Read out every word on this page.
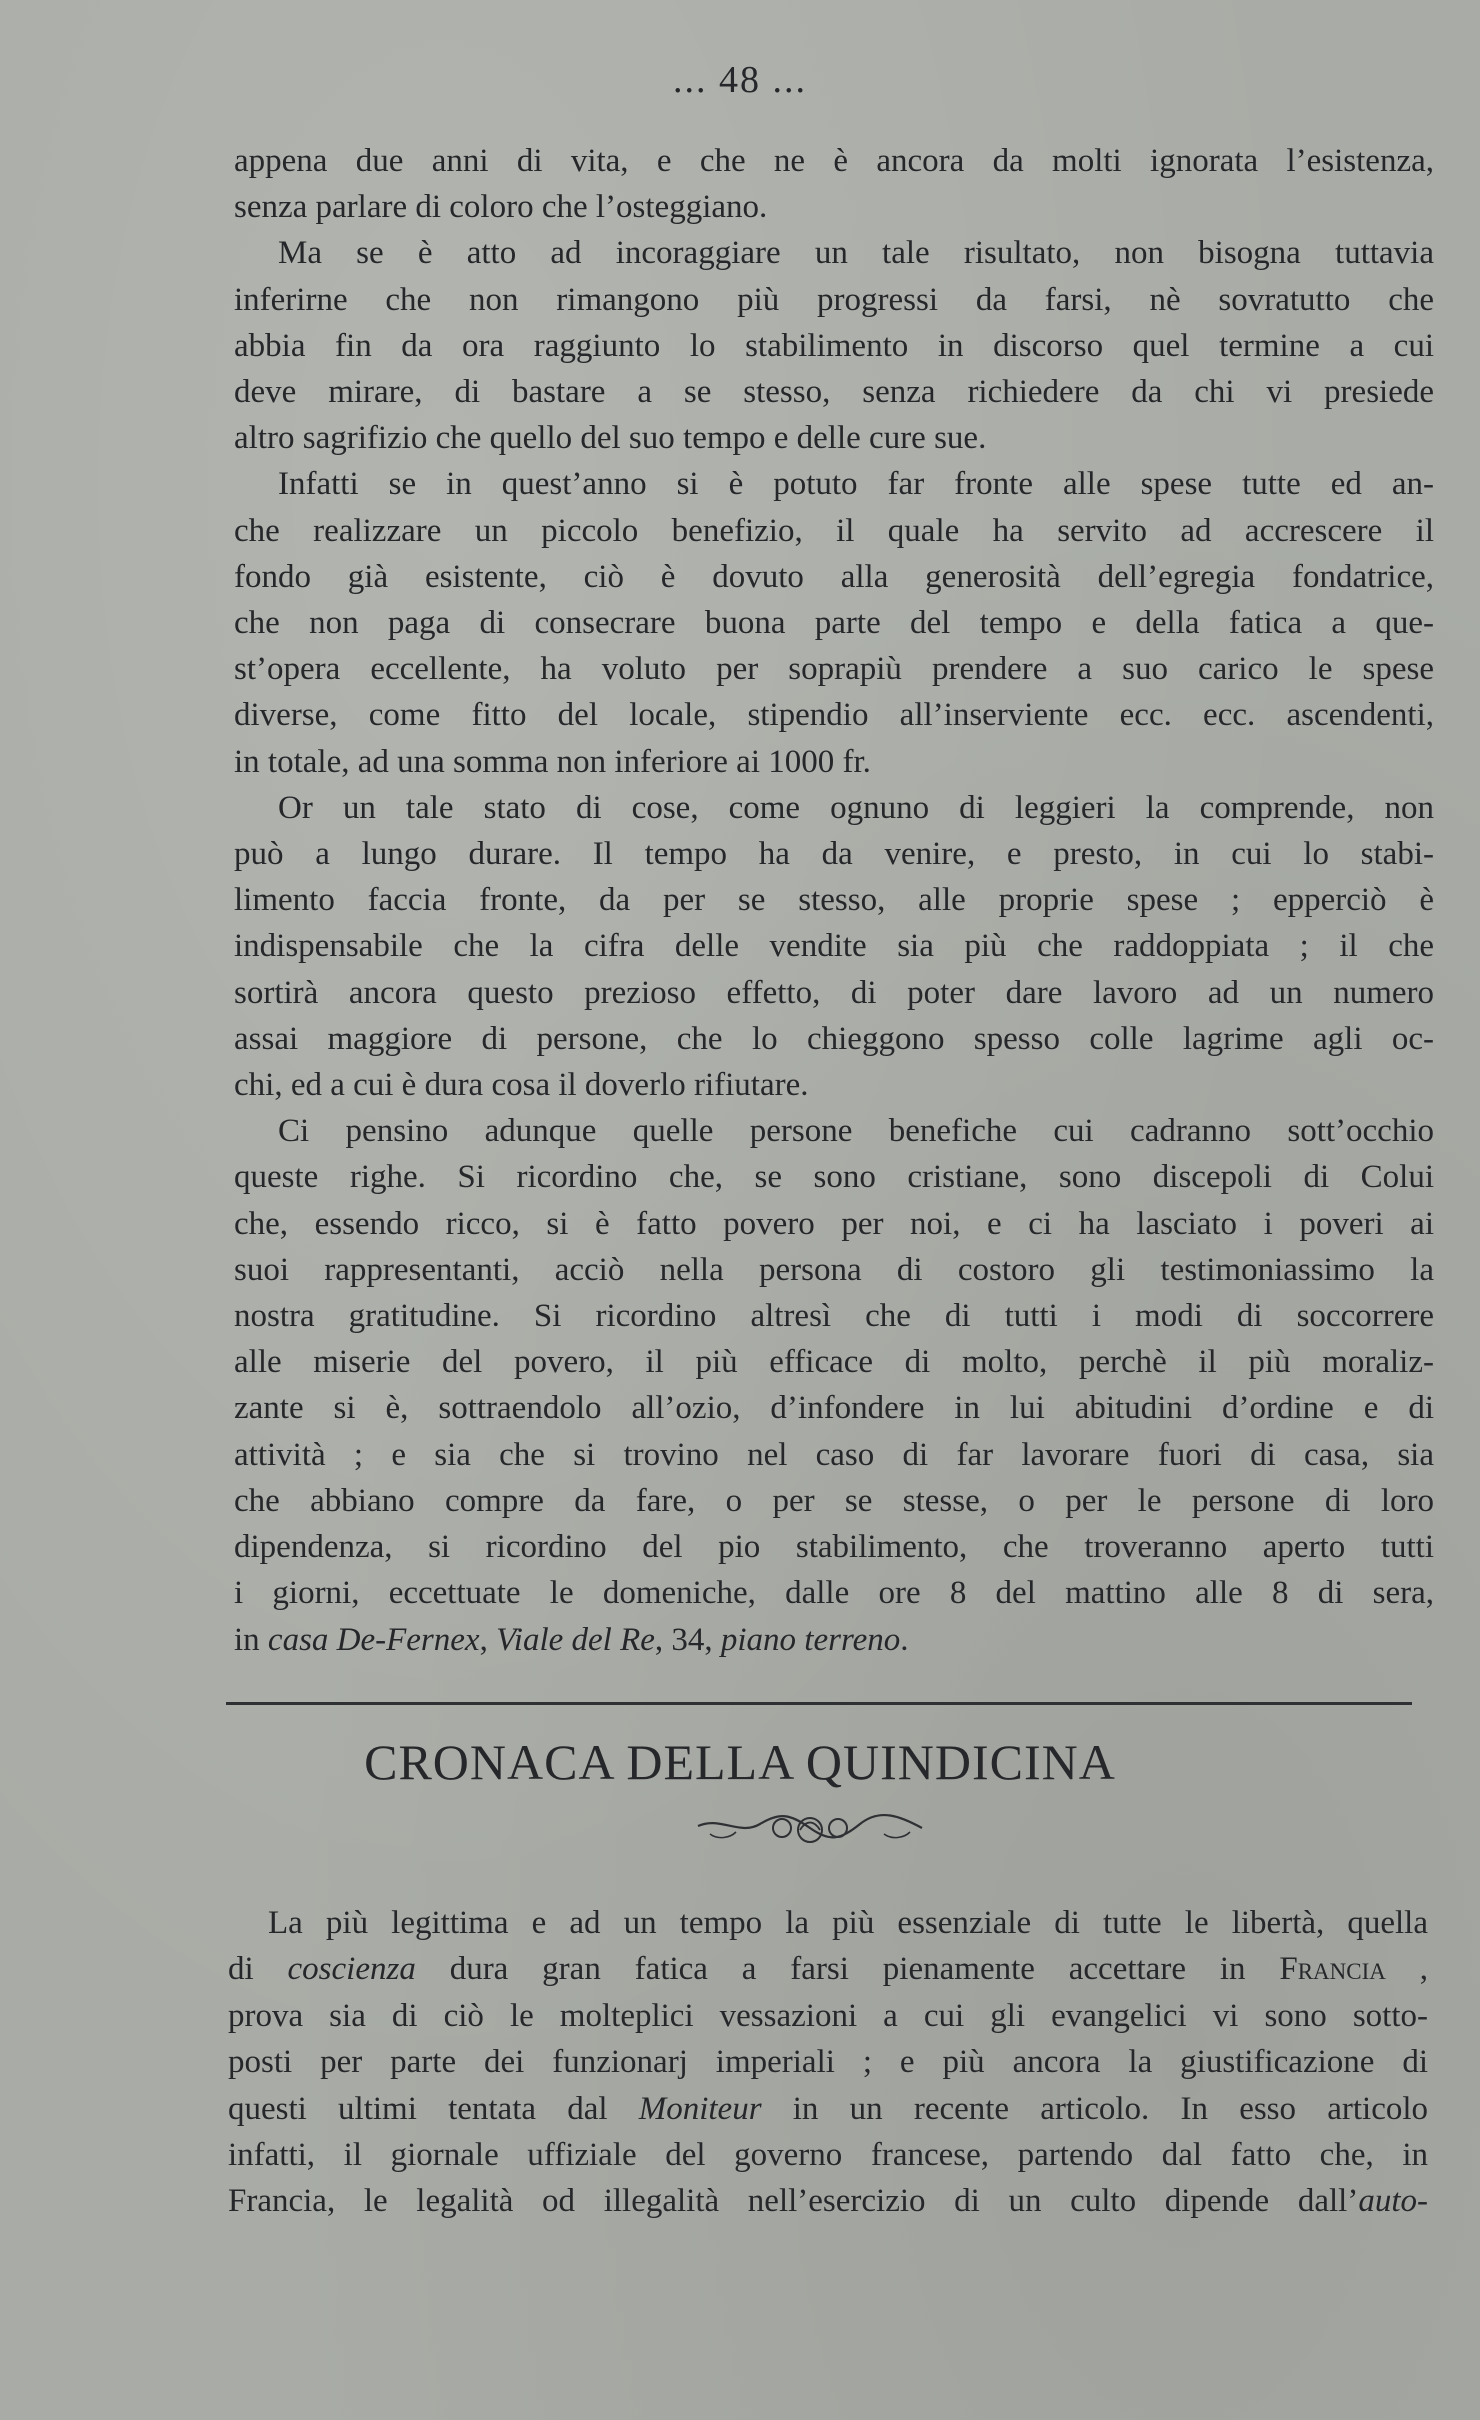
... 48 ...
appena due anni di vita, e che ne è ancora da molti ignorata l’esistenza,
senza parlare di coloro che l’osteggiano.
Ma se è atto ad incoraggiare un tale risultato, non bisogna tuttavia
inferirne che non rimangono più progressi da farsi, nè sovratutto che
abbia fin da ora raggiunto lo stabilimento in discorso quel termine a cui
deve mirare, di bastare a se stesso, senza richiedere da chi vi presiede
altro sagrifizio che quello del suo tempo e delle cure sue.
Infatti se in quest’anno si è potuto far fronte alle spese tutte ed an-
che realizzare un piccolo benefizio, il quale ha servito ad accrescere il
fondo già esistente, ciò è dovuto alla generosità dell’egregia fondatrice,
che non paga di consecrare buona parte del tempo e della fatica a que-
st’opera eccellente, ha voluto per soprapiù prendere a suo carico le spese
diverse, come fitto del locale, stipendio all’inserviente ecc. ecc. ascendenti,
in totale, ad una somma non inferiore ai 1000 fr.
Or un tale stato di cose, come ognuno di leggieri la comprende, non
può a lungo durare. Il tempo ha da venire, e presto, in cui lo stabi-
limento faccia fronte, da per se stesso, alle proprie spese ; epperciò è
indispensabile che la cifra delle vendite sia più che raddoppiata ; il che
sortirà ancora questo prezioso effetto, di poter dare lavoro ad un numero
assai maggiore di persone, che lo chieggono spesso colle lagrime agli oc-
chi, ed a cui è dura cosa il doverlo rifiutare.
Ci pensino adunque quelle persone benefiche cui cadranno sott’occhio
queste righe. Si ricordino che, se sono cristiane, sono discepoli di Colui
che, essendo ricco, si è fatto povero per noi, e ci ha lasciato i poveri ai
suoi rappresentanti, acciò nella persona di costoro gli testimoniassimo la
nostra gratitudine. Si ricordino altresì che di tutti i modi di soccorrere
alle miserie del povero, il più efficace di molto, perchè il più moraliz-
zante si è, sottraendolo all’ozio, d’infondere in lui abitudini d’ordine e di
attività ; e sia che si trovino nel caso di far lavorare fuori di casa, sia
che abbiano compre da fare, o per se stesse, o per le persone di loro
dipendenza, si ricordino del pio stabilimento, che troveranno aperto tutti
i giorni, eccettuate le domeniche, dalle ore 8 del mattino alle 8 di sera,
in casa De-Fernex, Viale del Re, 34, piano terreno.
CRONACA DELLA QUINDICINA
La più legittima e ad un tempo la più essenziale di tutte le libertà, quella
di coscienza dura gran fatica a farsi pienamente accettare in Francia ,
prova sia di ciò le molteplici vessazioni a cui gli evangelici vi sono sotto-
posti per parte dei funzionarj imperiali ; e più ancora la giustificazione di
questi ultimi tentata dal Moniteur in un recente articolo. In esso articolo
infatti, il giornale uffiziale del governo francese, partendo dal fatto che, in
Francia, le legalità od illegalità nell’esercizio di un culto dipende dall’auto-
